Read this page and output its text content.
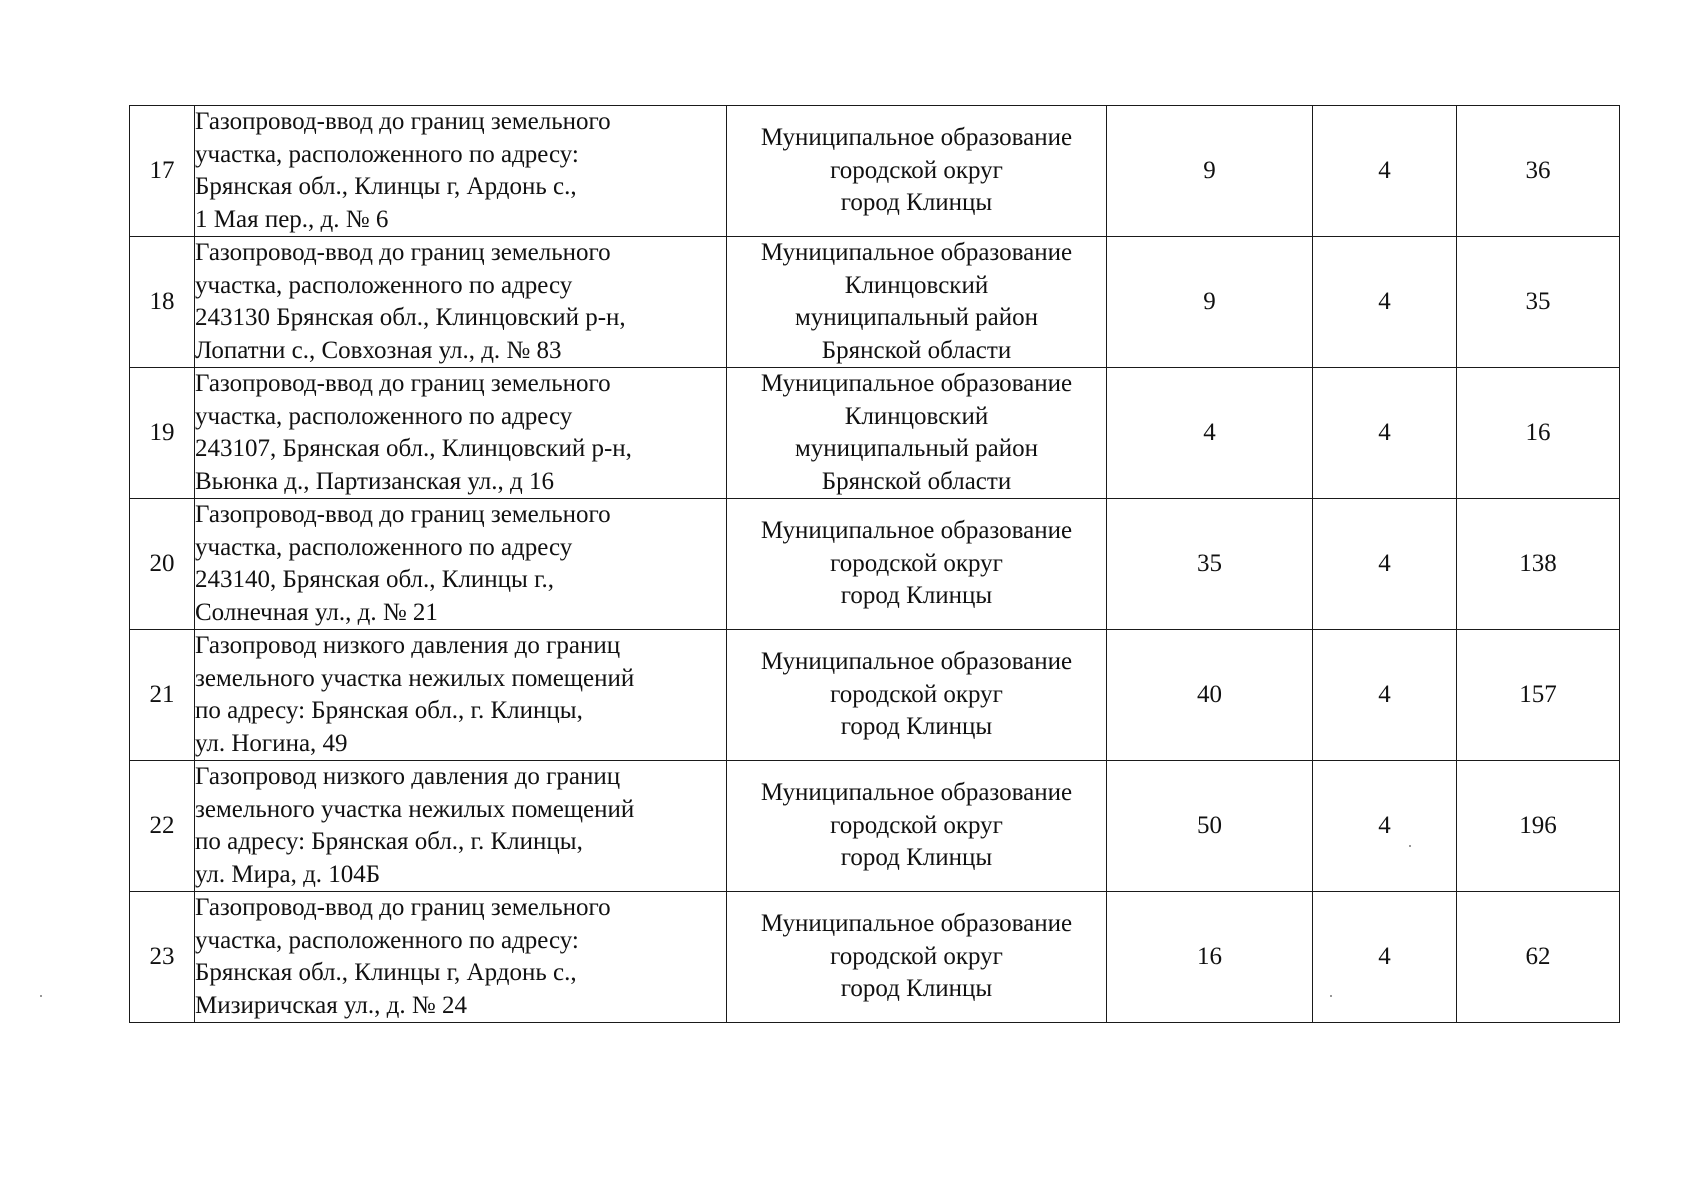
17	Газопровод-ввод до границ земельного
участка, расположенного по адресу:
Брянская обл., Клинцы г, Ардонь с.,
1 Мая пер., д. № 6	Муниципальное образование
городской округ
город Клинцы	9	4	36
18	Газопровод-ввод до границ земельного
участка, расположенного по адресу
243130 Брянская обл., Клинцовский р-н,
Лопатни с., Совхозная ул., д. № 83	Муниципальное образование
Клинцовский
муниципальный район
Брянской области	9	4	35
19	Газопровод-ввод до границ земельного
участка, расположенного по адресу
243107, Брянская обл., Клинцовский р-н,
Вьюнка д., Партизанская ул., д 16	Муниципальное образование
Клинцовский
муниципальный район
Брянской области	4	4	16
20	Газопровод-ввод до границ земельного
участка, расположенного по адресу
243140, Брянская обл., Клинцы г.,
Солнечная ул., д. № 21	Муниципальное образование
городской округ
город Клинцы	35	4	138
21	Газопровод низкого давления до границ
земельного участка нежилых помещений
по адресу: Брянская обл., г. Клинцы,
ул. Ногина, 49	Муниципальное образование
городской округ
город Клинцы	40	4	157
22	Газопровод низкого давления до границ
земельного участка нежилых помещений
по адресу: Брянская обл., г. Клинцы,
ул. Мира, д. 104Б	Муниципальное образование
городской округ
город Клинцы	50	4	196
23	Газопровод-ввод до границ земельного
участка, расположенного по адресу:
Брянская обл., Клинцы г, Ардонь с.,
Мизиричская ул., д. № 24	Муниципальное образование
городской округ
город Клинцы	16	4	62
